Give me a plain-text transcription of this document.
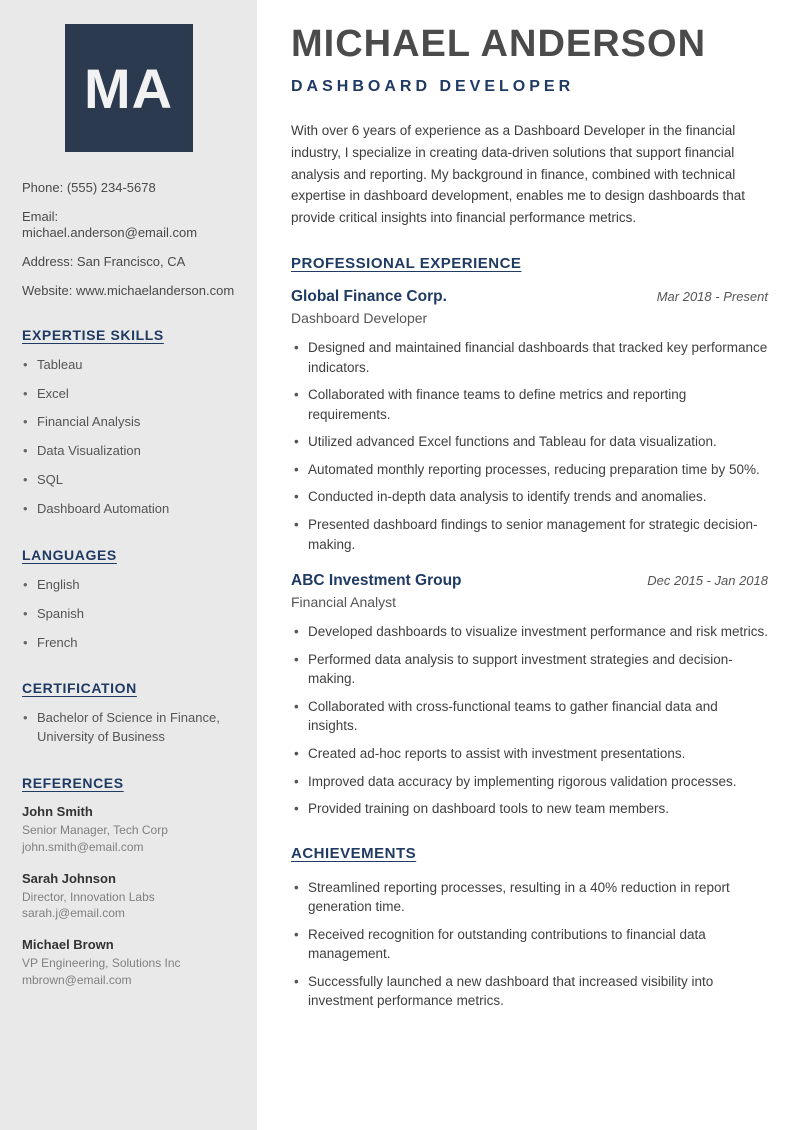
MA
Phone: (555) 234-5678
Email: michael.anderson@email.com
Address: San Francisco, CA
Website: www.michaelanderson.com
EXPERTISE SKILLS
• Tableau
• Excel
• Financial Analysis
• Data Visualization
• SQL
• Dashboard Automation
LANGUAGES
• English
• Spanish
• French
CERTIFICATION
• Bachelor of Science in Finance, University of Business
REFERENCES
John Smith
Senior Manager, Tech Corp
john.smith@email.com
Sarah Johnson
Director, Innovation Labs
sarah.j@email.com
Michael Brown
VP Engineering, Solutions Inc
mbrown@email.com
MICHAEL ANDERSON
DASHBOARD DEVELOPER

With over 6 years of experience as a Dashboard Developer in the financial industry, I specialize in creating data-driven solutions that support financial analysis and reporting. My background in finance, combined with technical expertise in dashboard development, enables me to design dashboards that provide critical insights into financial performance metrics.

PROFESSIONAL EXPERIENCE
Global Finance Corp.	Mar 2018 - Present
Dashboard Developer
• Designed and maintained financial dashboards that tracked key performance indicators.
• Collaborated with finance teams to define metrics and reporting requirements.
• Utilized advanced Excel functions and Tableau for data visualization.
• Automated monthly reporting processes, reducing preparation time by 50%.
• Conducted in-depth data analysis to identify trends and anomalies.
• Presented dashboard findings to senior management for strategic decision-making.
ABC Investment Group	Dec 2015 - Jan 2018
Financial Analyst
• Developed dashboards to visualize investment performance and risk metrics.
• Performed data analysis to support investment strategies and decision-making.
• Collaborated with cross-functional teams to gather financial data and insights.
• Created ad-hoc reports to assist with investment presentations.
• Improved data accuracy by implementing rigorous validation processes.
• Provided training on dashboard tools to new team members.
ACHIEVEMENTS
• Streamlined reporting processes, resulting in a 40% reduction in report generation time.
• Received recognition for outstanding contributions to financial data management.
• Successfully launched a new dashboard that increased visibility into investment performance metrics.
